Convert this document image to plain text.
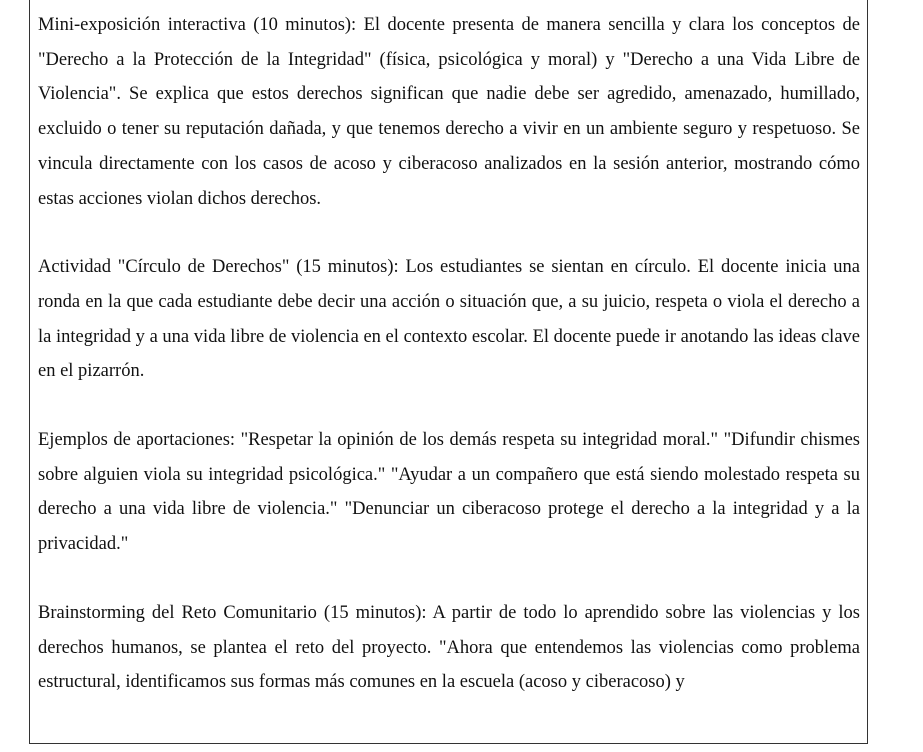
Mini-exposición interactiva (10 minutos): El docente presenta de manera sencilla y clara los conceptos de "Derecho a la Protección de la Integridad" (física, psicológica y moral) y "Derecho a una Vida Libre de Violencia". Se explica que estos derechos significan que nadie debe ser agredido, amenazado, humillado, excluido o tener su reputación dañada, y que tenemos derecho a vivir en un ambiente seguro y respetuoso. Se vincula directamente con los casos de acoso y ciberacoso analizados en la sesión anterior, mostrando cómo estas acciones violan dichos derechos.

Actividad "Círculo de Derechos" (15 minutos): Los estudiantes se sientan en círculo. El docente inicia una ronda en la que cada estudiante debe decir una acción o situación que, a su juicio, respeta o viola el derecho a la integridad y a una vida libre de violencia en el contexto escolar. El docente puede ir anotando las ideas clave en el pizarrón.

Ejemplos de aportaciones: "Respetar la opinión de los demás respeta su integridad moral." "Difundir chismes sobre alguien viola su integridad psicológica." "Ayudar a un compañero que está siendo molestado respeta su derecho a una vida libre de violencia." "Denunciar un ciberacoso protege el derecho a la integridad y a la privacidad."

Brainstorming del Reto Comunitario (15 minutos): A partir de todo lo aprendido sobre las violencias y los derechos humanos, se plantea el reto del proyecto. "Ahora que entendemos las violencias como problema estructural, identificamos sus formas más comunes en la escuela (acoso y ciberacoso) y
